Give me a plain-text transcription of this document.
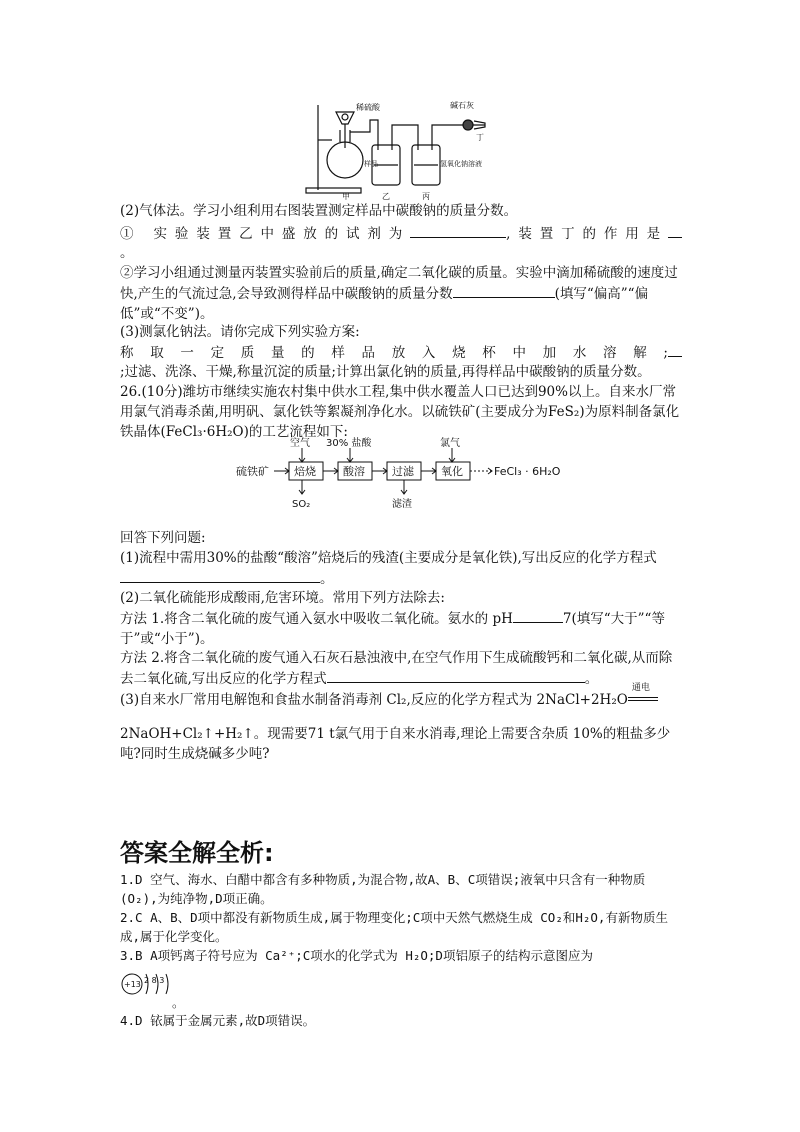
稀硫酸	碱石灰
丁
样品	氢氧化钠溶液
甲	乙	丙
(2)气体法。学习小组利用右图装置测定样品中碳酸钠的质量分数。
① 实验装置乙中盛放的试剂为	,装置丁的作用是
。
②学习小组通过测量丙装置实验前后的质量,确定二氧化碳的质量。实验中滴加稀硫酸的速度过快,产生的气流过急,会导致测得样品中碳酸钠的质量分数	(填写“偏高”“偏低”或“不变”)。
(3)测氯化钠法。请你完成下列实验方案:
称取一定质量的样品放入烧杯中加水溶解;
;过滤、洗涤、干燥,称量沉淀的质量;计算出氯化钠的质量,再得样品中碳酸钠的质量分数。
26.(10分)潍坊市继续实施农村集中供水工程,集中供水覆盖人口已达到90%以上。自来水厂常用氯气消毒杀菌,用明矾、氯化铁等絮凝剂净化水。以硫铁矿(主要成分为FeS₂)为原料制备氯化铁晶体(FeCl₃·6H₂O)的工艺流程如下:
硫铁矿 焙烧 酸溶 过滤 氧化	FeCl₃ · 6H₂O
空气 30% 盐酸	氯气
SO₂	滤渣
回答下列问题:
(1)流程中需用30%的盐酸“酸溶”焙烧后的残渣(主要成分是氧化铁),写出反应的化学方程式。
(2)二氧化硫能形成酸雨,危害环境。常用下列方法除去:
方法 1.将含二氧化硫的废气通入氨水中吸收二氧化硫。氨水的 pH	7(填写“大于”“等于”或“小于”)。
方法 2.将含二氧化硫的废气通入石灰石悬浊液中,在空气作用下生成硫酸钙和二氧化碳,从而除去二氧化硫,写出反应的化学方程式	。
(3)自来水厂常用电解饱和食盐水制备消毒剂 Cl₂,反应的化学方程式为 2NaCl+2H₂O
通电
2NaOH+Cl₂↑+H₂↑。现需要71 t氯气用于自来水消毒,理论上需要含杂质 10%的粗盐多少吨?同时生成烧碱多少吨?
答案全解全析:
1.D 空气、海水、白醋中都含有多种物质,为混合物,故A、B、C项错误;液氧中只含有一种物质(O₂),为纯净物,D项正确。
2.C A、B、D项中都没有新物质生成,属于物理变化;C项中天然气燃烧生成 CO₂和H₂O,有新物质生成,属于化学变化。
3.B A项钙离子符号应为 Ca²⁺;C项水的化学式为 H₂O;D项铝原子的结构示意图应为
+13 2 8 3
。
4.D 铱属于金属元素,故D项错误。
